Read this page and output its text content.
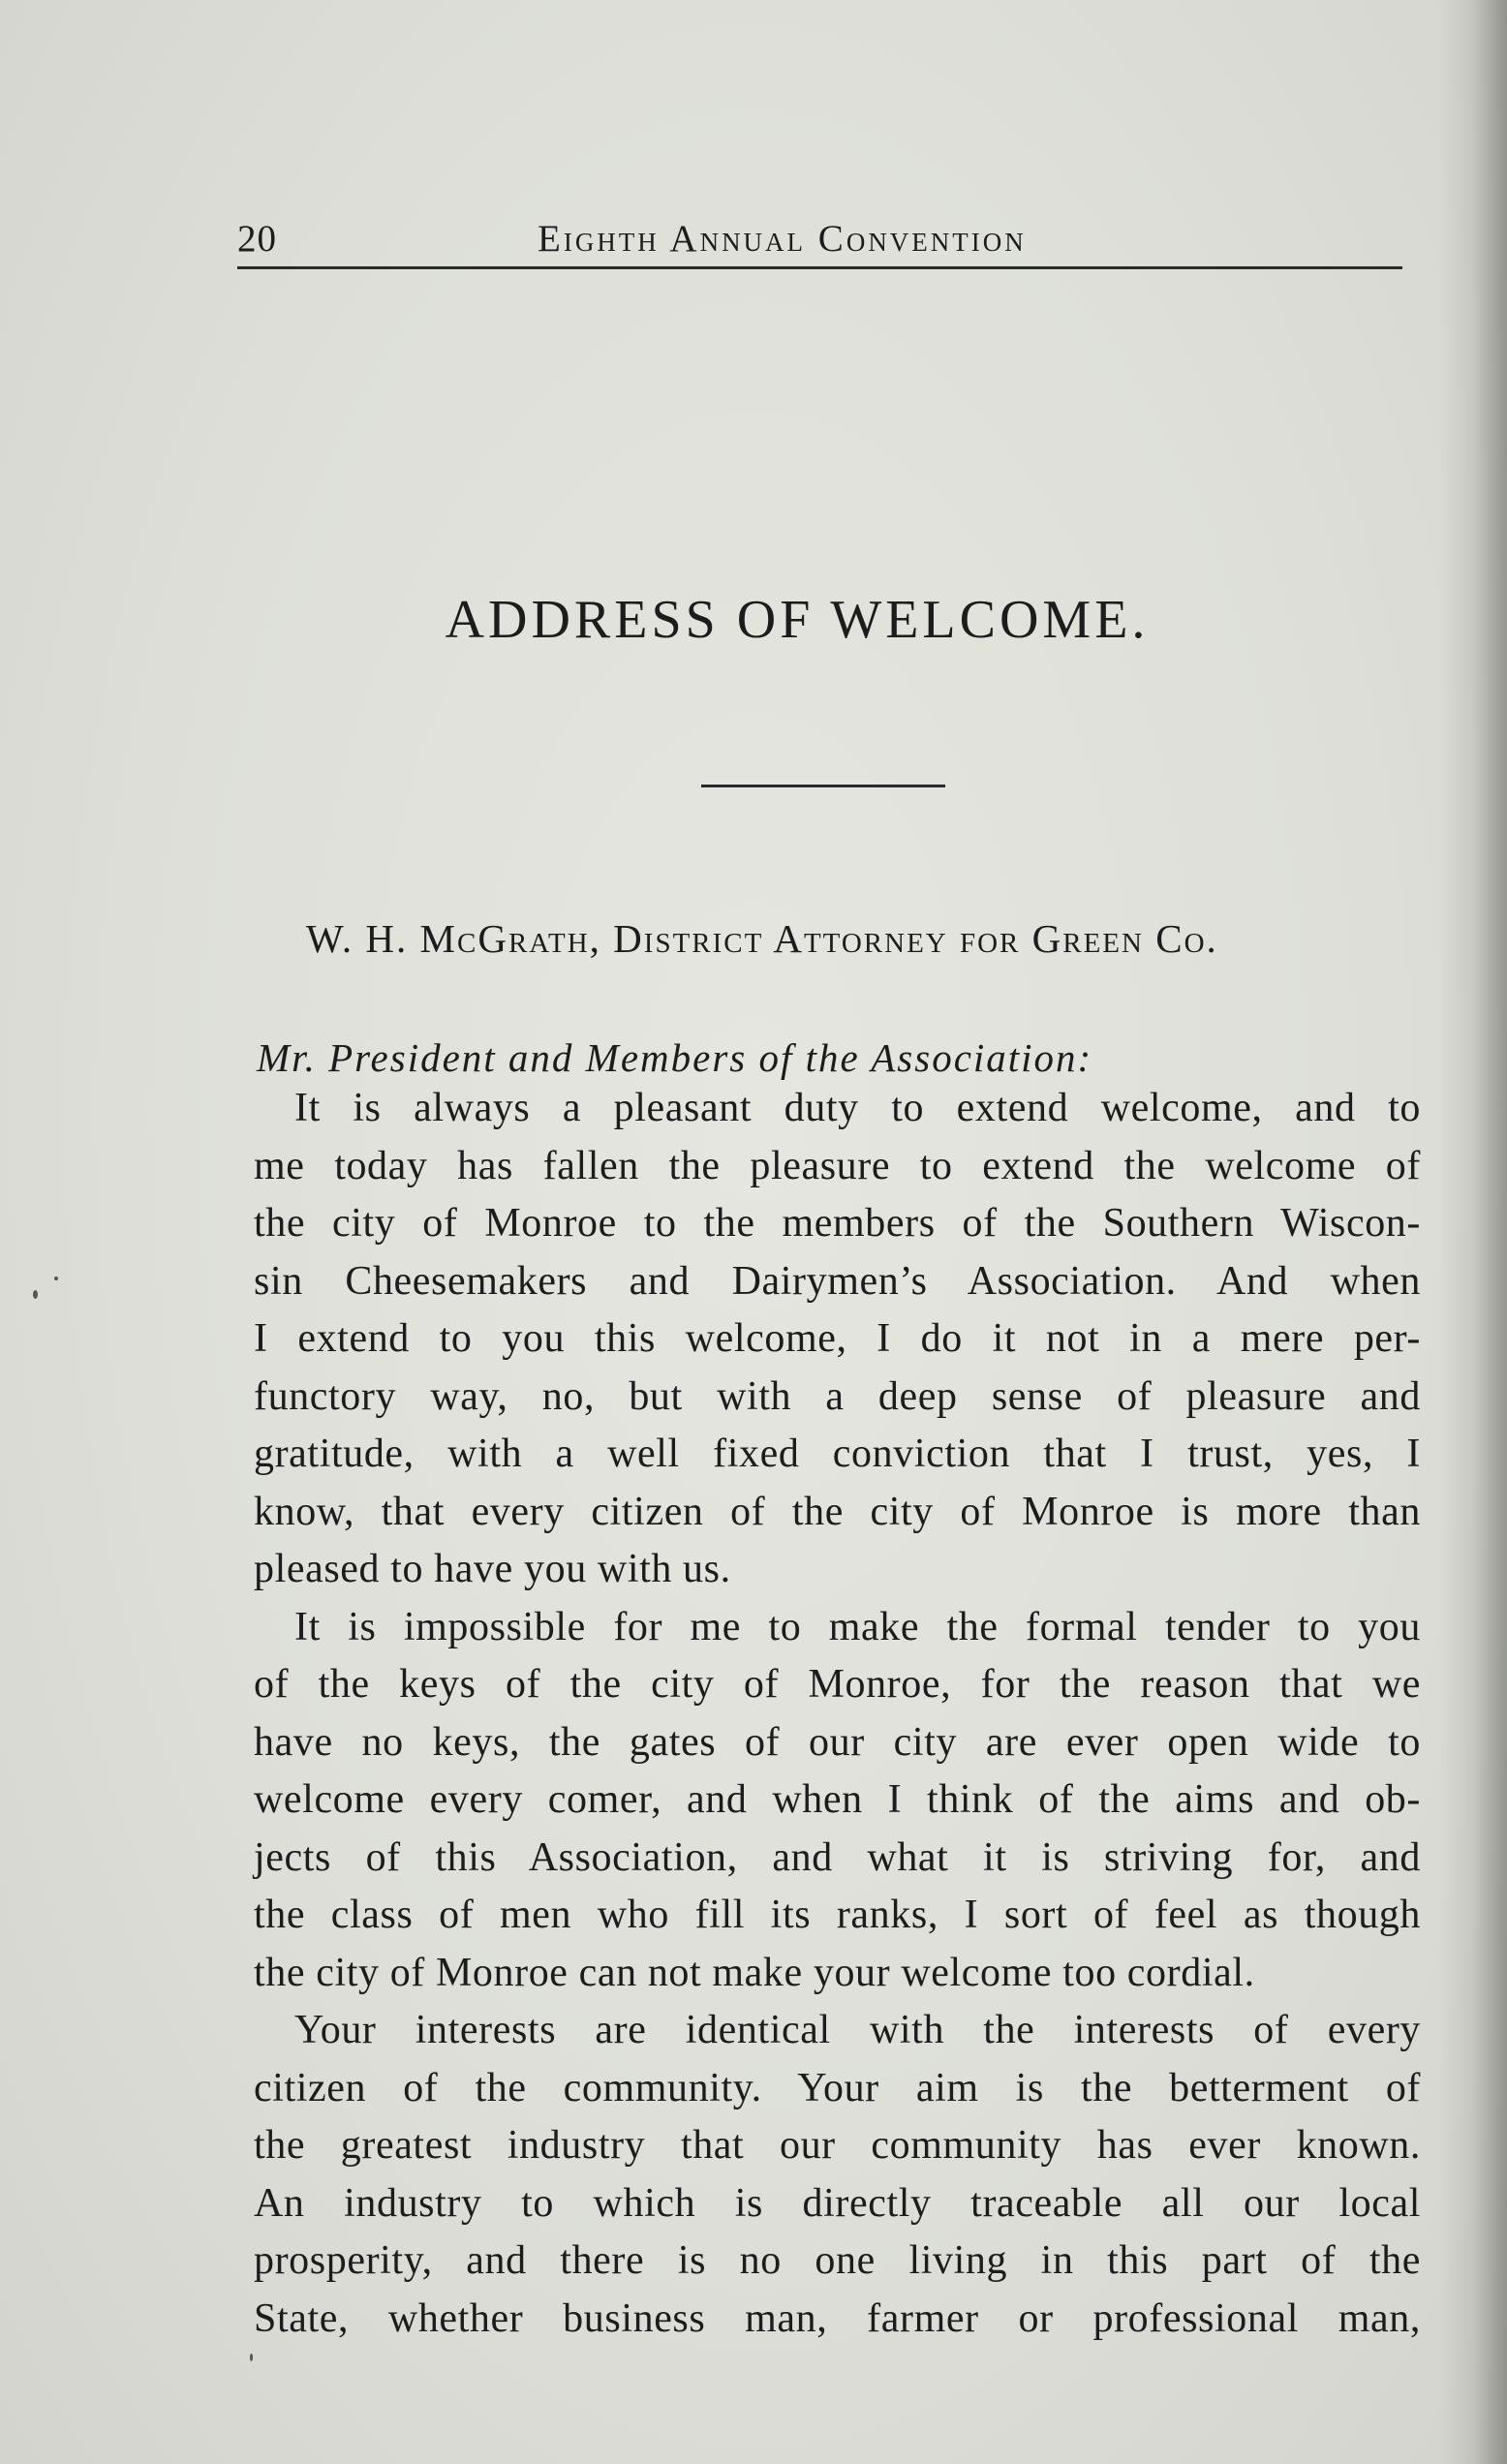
20	Eighth Annual Convention
ADDRESS OF WELCOME.
W. H. McGrath, District Attorney for Green Co.
Mr. President and Members of the Association:
It is always a pleasant duty to extend welcome, and to
me today has fallen the pleasure to extend the welcome of
the city of Monroe to the members of the Southern Wiscon-
sin Cheesemakers and Dairymen’s Association. And when
I extend to you this welcome, I do it not in a mere per-
functory way, no, but with a deep sense of pleasure and
gratitude, with a well fixed conviction that I trust, yes, I
know, that every citizen of the city of Monroe is more than
pleased to have you with us.
It is impossible for me to make the formal tender to you
of the keys of the city of Monroe, for the reason that we
have no keys, the gates of our city are ever open wide to
welcome every comer, and when I think of the aims and ob-
jects of this Association, and what it is striving for, and
the class of men who fill its ranks, I sort of feel as though
the city of Monroe can not make your welcome too cordial.
Your interests are identical with the interests of every
citizen of the community. Your aim is the betterment of
the greatest industry that our community has ever known.
An industry to which is directly traceable all our local
prosperity, and there is no one living in this part of the
State, whether business man, farmer or professional man,
